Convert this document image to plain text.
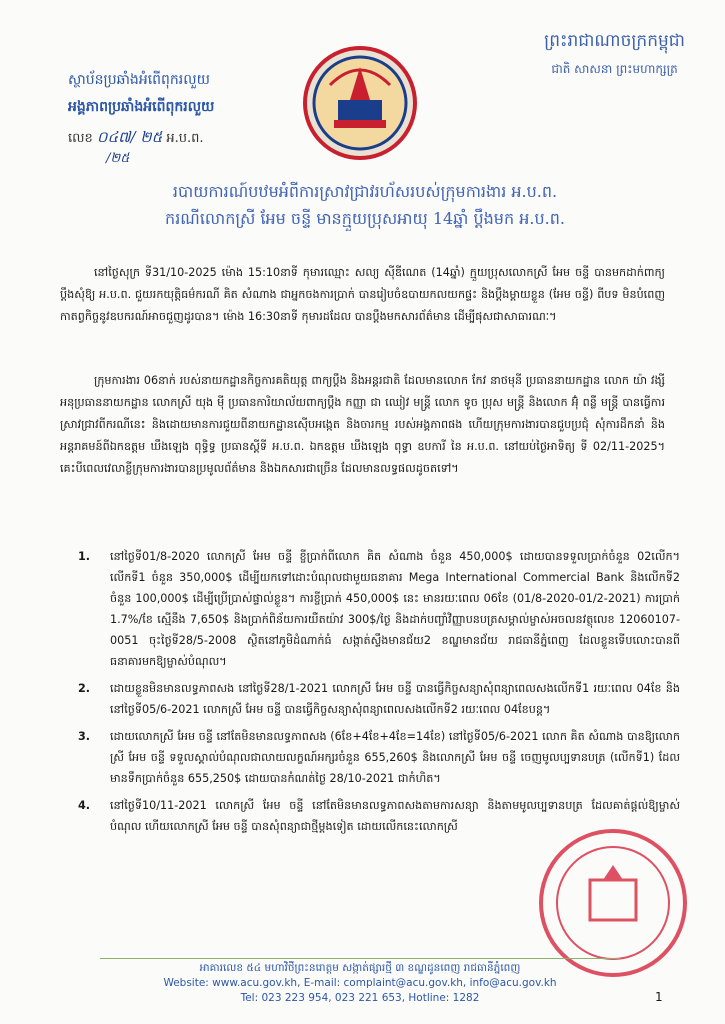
ព្រះរាជាណាចក្រកម្ពុជា
ជាតិ សាសនា ព្រះមហាក្សត្រ
ស្ថាប័នប្រឆាំងអំពើពុករលួយ
អង្គភាពប្រឆាំងអំពើពុករលួយ
លេខ ០៤៧/ ២៥ អ.ប.ព.
/២៥
របាយការណ៍បឋមអំពីការស្រាវជ្រាវរហ័សរបស់ក្រុមការងារ អ.ប.ព.
ករណីលោកស្រី អែម ចន្ទី មានក្មួយប្រុសអាយុ 14ឆ្នាំ ប្ដឹងមក អ.ប.ព.

នៅថ្ងៃសុក្រ ទី31/10-2025 ម៉ោង 15:10នាទី កុមារឈ្មោះ សល្យ ស៊ីឌីណេត (14ឆ្នាំ) ក្មួយប្រុសលោកស្រី អែម ចន្ទី បានមកដាក់ពាក្យប្ដឹងសុំឱ្យ អ.ប.ព. ជួយរកយុត្តិធម៌ករណី គិត សំណាង ជាអ្នកចងការប្រាក់ បានរៀបចំឧបាយកលយកផ្ទះ និងប្ដឹងម្ដាយខ្លួន (អែម ចន្ទី) ពីបទ មិនបំពេញកាតព្វកិច្ចនូវឧបករណ៍អាចជួញដូរបាន។ ម៉ោង 16:30នាទី កុមារដដែល បានប្ដឹងមកសារព័ត៌មាន ដើម្បីផុសជាសាធារណៈ។

ក្រុមការងារ 06នាក់ របស់នាយកដ្ឋានកិច្ចការគតិយុត្ត ពាក្យប្ដឹង និងអន្តរជាតិ ដែលមានលោក កែវ នាថមុនី ប្រធាននាយកដ្ឋាន លោក យ៉ា វង្សី អនុប្រធាននាយកដ្ឋាន លោកស្រី យុង ម៉ី ប្រធានការិយាល័យពាក្យប្ដឹង កញ្ញា ជា ឈៀវ មន្ត្រី លោក ទូច ប្រុស មន្ត្រី និងលោក អ៊ុំ ពន្លឺ មន្ត្រី បានធ្វើការស្រាវជ្រាវពីករណីនេះ និងដោយមានការជួយពីនាយកដ្ឋានស៊ើបអង្កេត និងចារកម្ម របស់អង្គភាពផង ហើយក្រុមការងារបានជួបប្រជុំ សុំការដឹកនាំ និងអន្តរាគមន៍ពីឯកឧត្តម ឃឹងឡេង ពុទ្ធិទ្ធ ប្រធានស្ដីទី អ.ប.ព. ឯកឧត្តម ឃឹងឡេង ពុទ្ធា ឧបការី នៃ អ.ប.ព. នៅយប់ថ្ងៃអាទិត្យ ទី 02/11-2025។ គេះបីពេលវេលាខ្លីក្រុមការងារបានប្រមូលព័ត៌មាន និងឯកសារជាច្រើន ដែលមានលទ្ធផលដូចតទៅ។

1. នៅថ្ងៃទី01/8-2020 លោកស្រី អែម ចន្ទី ខ្ចីប្រាក់ពីលោក គិត សំណាង ចំនួន 450,000$ ដោយបានទទួលប្រាក់ចំនួន 02លើក។ លើកទី1 ចំនួន 350,000$ ដើម្បីយកទៅដោះបំណុលជាមួយធនាគារ Mega International Commercial Bank និងលើកទី2 ចំនួន 100,000$ ដើម្បីប្រើប្រាស់ផ្ទាល់ខ្លួន។ ការខ្ចីប្រាក់ 450,000$ នេះ មានរយៈពេល 06ខែ (01/8-2020-01/2-2021) ការប្រាក់ 1.7%/ខែ ស្មើនឹង 7,650$ និងប្រាក់ពិន័យការយឺតយ៉ាវ 300$/ថ្ងៃ និងដាក់បញ្ចាំវិញ្ញាបនបត្រសម្គាល់ម្ចាស់អចលនវត្ថុលេខ 12060107-0051 ចុះថ្ងៃទី28/5-2008 ស្ថិតនៅភូមិដំណាក់ធំ សង្កាត់ស្ទឹងមានជ័យ2 ខណ្ឌមានជ័យ រាជធានីភ្នំពេញ ដែលខ្លួនទើបលោះបានពីធនាគារមកឱ្យម្ចាស់បំណុល។
2. ដោយខ្លួនមិនមានលទ្ធភាពសង នៅថ្ងៃទី28/1-2021 លោកស្រី អែម ចន្ទី បានធ្វើកិច្ចសន្យាសុំពន្យាពេលសងលើកទី1 រយៈពេល 04ខែ និងនៅថ្ងៃទី05/6-2021 លោកស្រី អែម ចន្ទី បានធ្វើកិច្ចសន្យាសុំពន្យាពេលសងលើកទី2 រយៈពេល 04ខែបន្ត។
3. ដោយលោកស្រី អែម ចន្ទី នៅតែមិនមានលទ្ធភាពសង (6ខែ+4ខែ+4ខែ=14ខែ) នៅថ្ងៃទី05/6-2021 លោក គិត សំណាង បានឱ្យលោកស្រី អែម ចន្ទី ទទួលស្គាល់បំណុលជាលាយលក្ខណ៍អក្សរចំនួន 655,260$ និងលោកស្រី អែម ចន្ទី ចេញមូលប្បទានបត្រ (លើកទី1) ដែលមានទឹកប្រាក់ចំនួន 655,250$ ដោយបានកំណត់ថ្ងៃ 28/10-2021 ជាកំហិត។
4. នៅថ្ងៃទី10/11-2021 លោកស្រី អែម ចន្ទី នៅតែមិនមានលទ្ធភាពសងតាមការសន្យា និងតាមមូលប្បទានបត្រ ដែលគាត់ផ្ដល់ឱ្យម្ចាស់បំណុល ហើយលោកស្រី អែម ចន្ទី បានសុំពន្យាជាថ្មីម្ដងទៀត ដោយលើកនេះលោកស្រី
អាគារលេខ ៥៤ មហាវិថីព្រះនរោត្តម សង្កាត់ផ្សារថ្មី ៣ ខណ្ឌដូនពេញ រាជធានីភ្នំពេញ
Website: www.acu.gov.kh, E-mail: complaint@acu.gov.kh, info@acu.gov.kh
Tel: 023 223 954, 023 221 653, Hotline: 1282	1
